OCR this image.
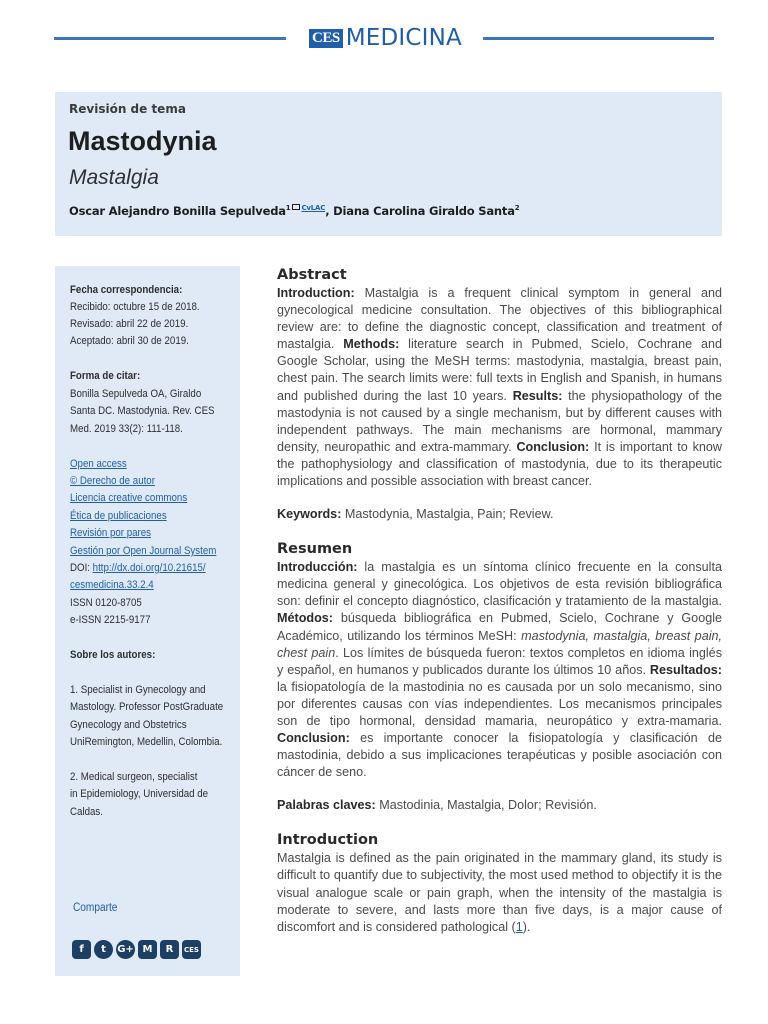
CES MEDICINA
Revisión de tema
Mastodynia
Mastalgia
Oscar Alejandro Bonilla Sepulveda$^1$ $^{CvLAC}$, Diana Carolina Giraldo Santa$^2$
Fecha correspondencia:
Recibido: octubre 15 de 2018.
Revisado: abril 22 de 2019.
Aceptado: abril 30 de 2019.
Forma de citar:
Bonilla Sepulveda OA, Giraldo
Santa DC. Mastodynia. Rev. CES
Med. 2019 33(2): 111-118.
Open access
© Derecho de autor
Licencia creative commons
Ética de publicaciones
Revisión por pares
Gestión por Open Journal System
DOI: http://dx.doi.org/10.21615/
cesmedicina.33.2.4
ISSN 0120-8705
e-ISSN 2215-9177
Sobre los autores:
1. Specialist in Gynecology and
Mastology. Professor PostGraduate
Gynecology and Obstetrics
UniRemington, Medellin, Colombia.
2. Medical surgeon, specialist
in Epidemiology, Universidad de
Caldas.
Comparte
f	t	G+ M	R	CES
Abstract

Introduction: Mastalgia is a frequent clinical symptom in general and gynecological medicine consultation. The objectives of this bibliographical review are: to define the diagnostic concept, classification and treatment of mastalgia. Methods: literature search in Pubmed, Scielo, Cochrane and Google Scholar, using the MeSH terms: mastodynia, mastalgia, breast pain, chest pain. The search limits were: full texts in English and Spanish, in humans and published during the last 10 years. Results: the physiopathology of the mastodynia is not caused by a single mechanism, but by different causes with independent pathways. The main mechanisms are hormonal, mammary density, neuropathic and extra-mammary. Conclusion: It is important to know the pathophysiology and classification of mastodynia, due to its therapeutic implications and possible association with breast cancer.

Keywords: Mastodynia, Mastalgia, Pain; Review.

Resumen

Introducción: la mastalgia es un síntoma clínico frecuente en la consulta medicina general y ginecológica. Los objetivos de esta revisión bibliográfica son: definir el concepto diagnóstico, clasificación y tratamiento de la mastalgia. Métodos: búsqueda bibliográfica en Pubmed, Scielo, Cochrane y Google Académico, utilizando los términos MeSH: mastodynia, mastalgia, breast pain, chest pain. Los límites de búsqueda fueron: textos completos en idioma inglés y español, en humanos y publicados durante los últimos 10 años. Resultados: la fisiopatología de la mastodinia no es causada por un solo mecanismo, sino por diferentes causas con vías independientes. Los mecanismos principales son de tipo hormonal, densidad mamaria, neuropático y extra-mamaria. Conclusion: es importante conocer la fisiopatología y clasificación de mastodinia, debido a sus implicaciones terapéuticas y posible asociación con cáncer de seno.

Palabras claves: Mastodinia, Mastalgia, Dolor; Revisión.

Introduction

Mastalgia is defined as the pain originated in the mammary gland, its study is difficult to quantify due to subjectivity, the most used method to objectify it is the visual analogue scale or pain graph, when the intensity of the mastalgia is moderate to severe, and lasts more than five days, is a major cause of discomfort and is considered pathological (1).
